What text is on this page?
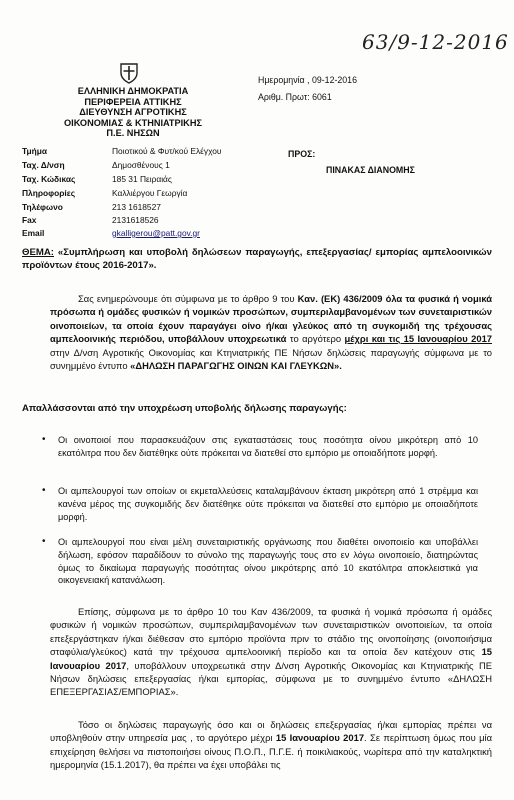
63/9-12-2016
ΕΛΛΗΝΙΚΗ ΔΗΜΟΚΡΑΤΙΑ
ΠΕΡΙΦΕΡΕΙΑ ΑΤΤΙΚΗΣ
ΔΙΕΥΘΥΝΣΗ ΑΓΡΟΤΙΚΗΣ
ΟΙΚΟΝΟΜΙΑΣ & ΚΤΗΝΙΑΤΡΙΚΗΣ
Π.Ε. ΝΗΣΩΝ
Ημερομηνία , 09-12-2016
Αριθμ. Πρωτ: 6061
Τμήμα	Ποιοτικού & Φυτ/κού Ελέγχου
Ταχ. Δ/νση	Δημοσθένους 1
Ταχ. Κώδικας	185 31 Πειραιάς
Πληροφορίες	Καλλιέργου Γεωργία
Τηλέφωνο	213 1618527
Fax	2131618526
Email	gkalligerou@patt.gov.gr
ΠΡΟΣ:
ΠΙΝΑΚΑΣ ΔΙΑΝΟΜΗΣ
ΘΕΜΑ: «Συμπλήρωση και υποβολή δηλώσεων παραγωγής, επεξεργασίας/ εμπορίας αμπελοοινικών προϊόντων έτους 2016-2017».
Σας ενημερώνουμε ότι σύμφωνα με το άρθρο 9 του Καν. (ΕΚ) 436/2009 όλα τα φυσικά ή νομικά πρόσωπα ή ομάδες φυσικών ή νομικών προσώπων, συμπεριλαμβανομένων των συνεταιριστικών οινοποιείων, τα οποία έχουν παραγάγει οίνο ή/και γλεύκος από τη συγκομιδή της τρέχουσας αμπελοοινικής περιόδου, υποβάλλουν υποχρεωτικά το αργότερο μέχρι και τις 15 Ιανουαρίου 2017 στην Δ/νση Αγροτικής Οικονομίας και Κτηνιατρικής ΠΕ Νήσων δηλώσεις παραγωγής σύμφωνα με το συνημμένο έντυπο «ΔΗΛΩΣΗ ΠΑΡΑΓΩΓΗΣ ΟΙΝΩΝ ΚΑΙ ΓΛΕΥΚΩΝ».
Απαλλάσσονται από την υποχρέωση υποβολής δήλωσης παραγωγής:
• Οι οινοποιοί που παρασκευάζουν στις εγκαταστάσεις τους ποσότητα οίνου μικρότερη από 10 εκατόλιτρα που δεν διατέθηκε ούτε πρόκειται να διατεθεί στο εμπόριο με οποιαδήποτε μορφή.
• Οι αμπελουργοί των οποίων οι εκμεταλλεύσεις καταλαμβάνουν έκταση μικρότερη από 1 στρέμμα και κανένα μέρος της συγκομιδής δεν διατέθηκε ούτε πρόκειται να διατεθεί στο εμπόριο με οποιαδήποτε μορφή.
• Οι αμπελουργοί που είναι μέλη συνεταιριστικής οργάνωσης που διαθέτει οινοποιείο και υποβάλλει δήλωση, εφόσον παραδίδουν το σύνολο της παραγωγής τους στο εν λόγω οινοποιείο, διατηρώντας όμως το δικαίωμα παραγωγής ποσότητας οίνου μικρότερης από 10 εκατόλιτρα αποκλειστικά για οικογενειακή κατανάλωση.
Επίσης, σύμφωνα με το άρθρο 10 του Καν 436/2009, τα φυσικά ή νομικά πρόσωπα ή ομάδες φυσικών ή νομικών προσώπων, συμπεριλαμβανομένων των συνεταιριστικών οινοποιείων, τα οποία επεξεργάστηκαν ή/και διέθεσαν στο εμπόριο προϊόντα πριν το στάδιο της οινοποίησης (οινοποιήσιμα σταφύλια/γλεύκος) κατά την τρέχουσα αμπελοοινική περίοδο και τα οποία δεν κατέχουν στις 15 Ιανουαρίου 2017, υποβάλλουν υποχρεωτικά στην Δ/νση Αγροτικής Οικονομίας και Κτηνιατρικής ΠΕ Νήσων δηλώσεις επεξεργασίας ή/και εμπορίας, σύμφωνα με το συνημμένο έντυπο «ΔΗΛΩΣΗ ΕΠΕΞΕΡΓΑΣΙΑΣ/ΕΜΠΟΡΙΑΣ».
Τόσο οι δηλώσεις παραγωγής όσο και οι δηλώσεις επεξεργασίας ή/και εμπορίας πρέπει να υποβληθούν στην υπηρεσία μας , το αργότερο μέχρι 15 Ιανουαρίου 2017. Σε περίπτωση όμως που μία επιχείρηση θελήσει να πιστοποιήσει οίνους Π.Ο.Π., Π.Γ.Ε. ή ποικιλιακούς, νωρίτερα από την καταληκτική ημερομηνία (15.1.2017), θα πρέπει να έχει υποβάλει τις
